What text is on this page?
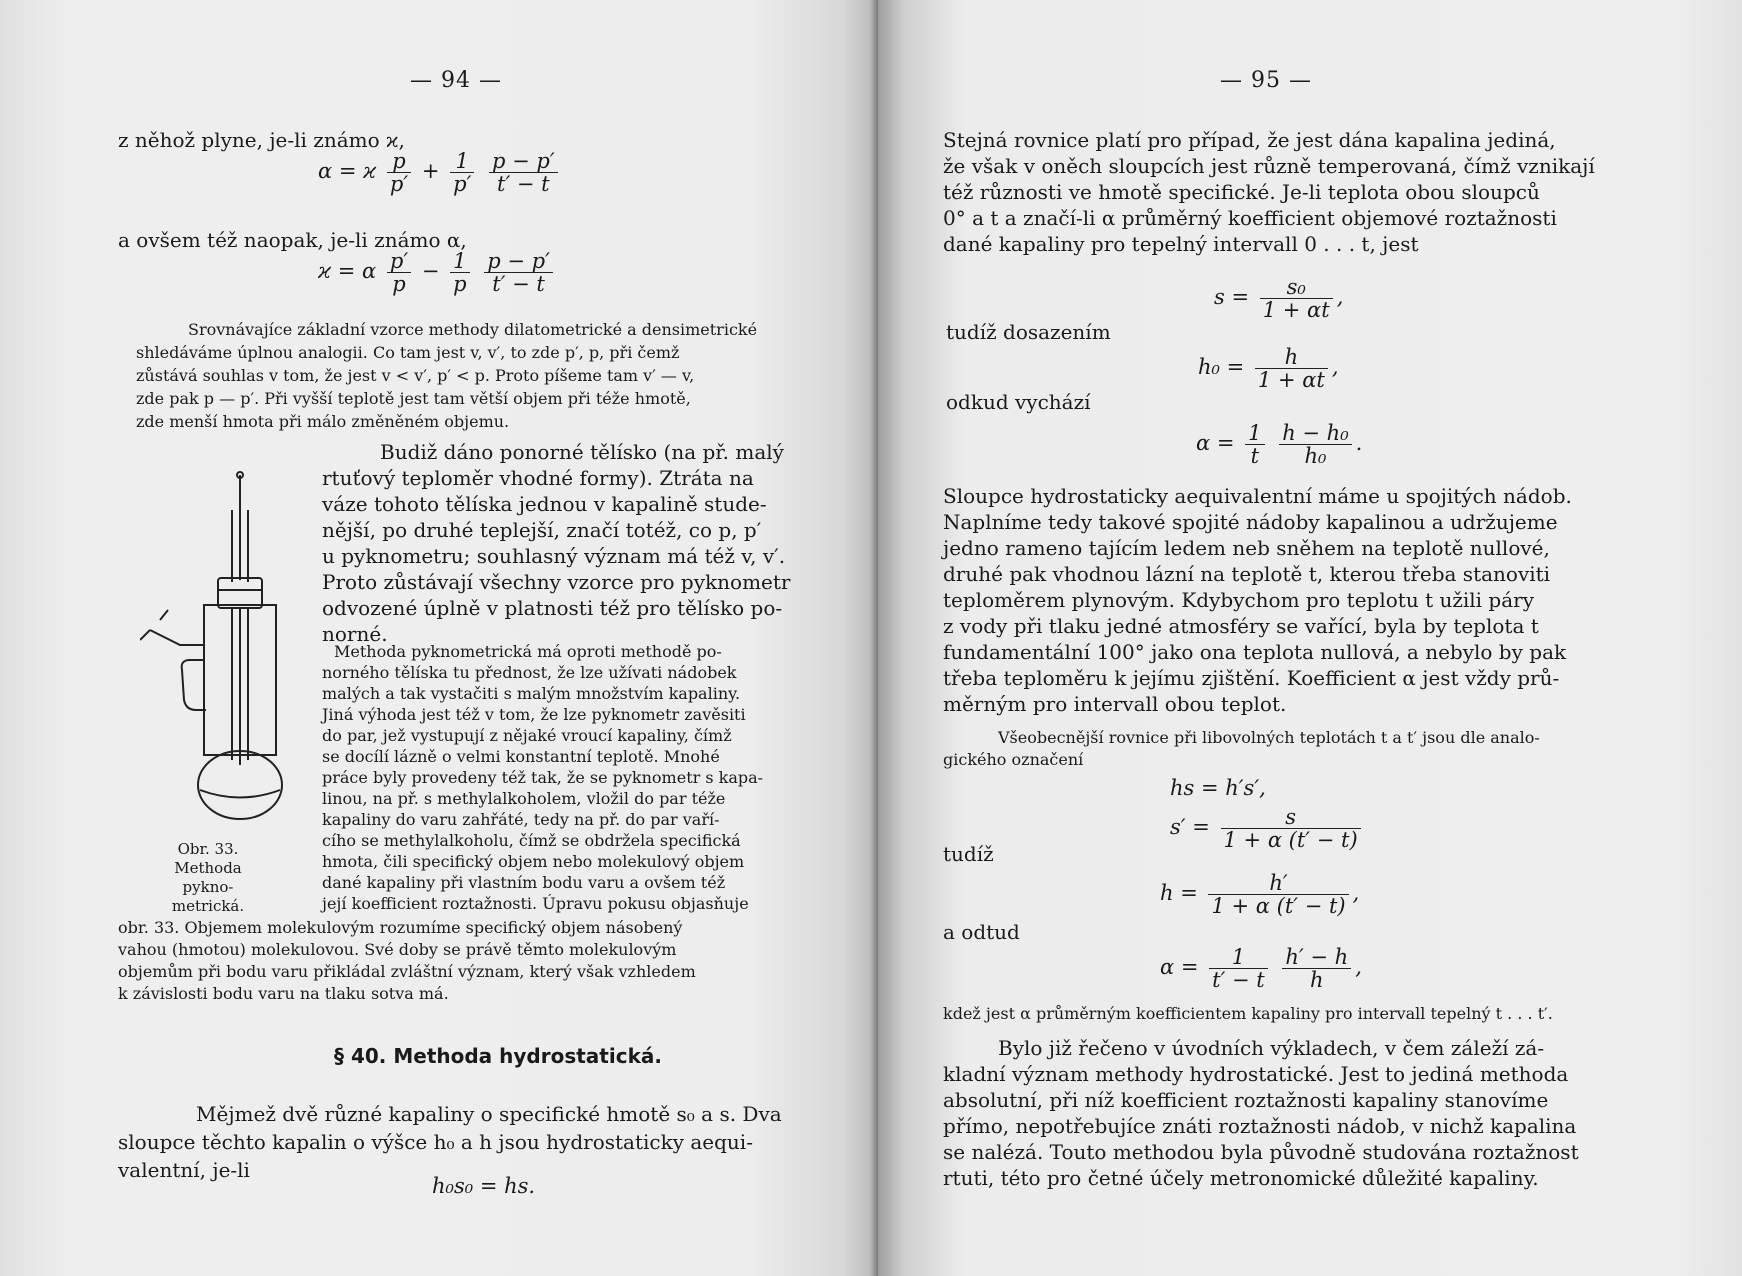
— 94 —
z něhož plyne, je-li známo ϰ,
α = ϰ $\frac{p}{p'} + \frac{1}{p'}$
$\frac{p - p'}{t' - t}$
a ovšem též naopak, je-li známo α,
ϰ = α $\frac{p'}{p} - \frac{1}{p}$
$\frac{p - p'}{t' - t}$
Srovnávajíce základní vzorce methody dilatometrické a densimetrické
shledáváme úplnou analogii. Co tam jest v, v′, to zde p′, p, při čemž
zůstává souhlas v tom, že jest v < v′, p′ < p. Proto píšeme tam v′ — v,
zde pak p — p′. Při vyšší teplotě jest tam větší objem při téže hmotě,
zde menší hmota při málo změněném objemu.
Budiž dáno ponorné tělísko (na př. malý
rtuťový teploměr vhodné formy). Ztráta na
váze tohoto tělíska jednou v kapalině stude-
nější, po druhé teplejší, značí totéž, co p, p′
u pyknometru; souhlasný význam má též v, v′.
Proto zůstávají všechny vzorce pro pyknometr
odvozené úplně v platnosti též pro tělísko po-
norné.
Obr. 33.
Methoda pykno-
metrická.
Methoda pyknometrická má oproti methodě po-
norného tělíska tu přednost, že lze užívati nádobek
malých a tak vystačiti s malým množstvím kapaliny.
Jiná výhoda jest též v tom, že lze pyknometr zavěsiti
do par, jež vystupují z nějaké vroucí kapaliny, čímž
se docílí lázně o velmi konstantní teplotě. Mnohé
práce byly provedeny též tak, že se pyknometr s kapa-
linou, na př. s methylalkoholem, vložil do par téže
kapaliny do varu zahřáté, tedy na př. do par vaří-
cího se methylalkoholu, čímž se obdržela specifická
hmota, čili specifický objem nebo molekulový objem
dané kapaliny při vlastním bodu varu a ovšem též
její koefficient roztažnosti. Úpravu pokusu objasňuje
obr. 33. Objemem molekulovým rozumíme specifický objem násobený
vahou (hmotou) molekulovou. Své doby se právě těmto molekulovým
objemům při bodu varu přikládal zvláštní význam, který však vzhledem
k závislosti bodu varu na tlaku sotva má.
§ 40. Methoda hydrostatická.
Mějmež dvě různé kapaliny o specifické hmotě s₀ a s. Dva
sloupce těchto kapalin o výšce h₀ a h jsou hydrostaticky aequi-
valentní, je-li
h₀s₀ = hs.
— 95 —
Stejná rovnice platí pro případ, že jest dána kapalina jediná,
že však v oněch sloupcích jest různě temperovaná, čímž vznikají
též různosti ve hmotě specifické. Je-li teplota obou sloupců
0° a t a značí-li α průměrný koefficient objemové roztažnosti
dané kapaliny pro tepelný intervall 0 . . . t, jest
$s = \frac{\text{s₀}}{1 + \alpha t}$ ,
tudíž dosazením
$h_0 = \frac{h}{1 + \alpha t}$ ,
odkud vychází
$\alpha = \frac{1}{t}$
$\frac{\text{h − h₀}}{\text{h₀}}$ .
Sloupce hydrostaticky aequivalentní máme u spojitých nádob.
Naplníme tedy takové spojité nádoby kapalinou a udržujeme
jedno rameno tajícím ledem neb sněhem na teplotě nullové,
druhé pak vhodnou lázní na teplotě t, kterou třeba stanoviti
teploměrem plynovým. Kdybychom pro teplotu t užili páry
z vody při tlaku jedné atmosféry se vařící, byla by teplota t
fundamentální 100° jako ona teplota nullová, a nebylo by pak
třeba teploměru k jejímu zjištění. Koefficient α jest vždy prů-
měrným pro intervall obou teplot.
Všeobecnější rovnice při libovolných teplotách t a t′ jsou dle analo-
gického označení
hs = h′s′,
$s' = \frac{s}{1 + \alpha (t' - t)}$
tudíž
$h = \frac{h'}{1 + \alpha (t' - t)}$ ,
a odtud
$\alpha = \frac{1}{t' - t}$
$\frac{h' - h}{h}$ ,
kdež jest α průměrným koefficientem kapaliny pro intervall tepelný t . . . t′.
Bylo již řečeno v úvodních výkladech, v čem záleží zá-
kladní význam methody hydrostatické. Jest to jediná methoda
absolutní, při níž koefficient roztažnosti kapaliny stanovíme
přímo, nepotřebujíce znáti roztažnosti nádob, v nichž kapalina
se nalézá. Touto methodou byla původně studována roztažnost
rtuti, této pro četné účely metronomické důležité kapaliny.
